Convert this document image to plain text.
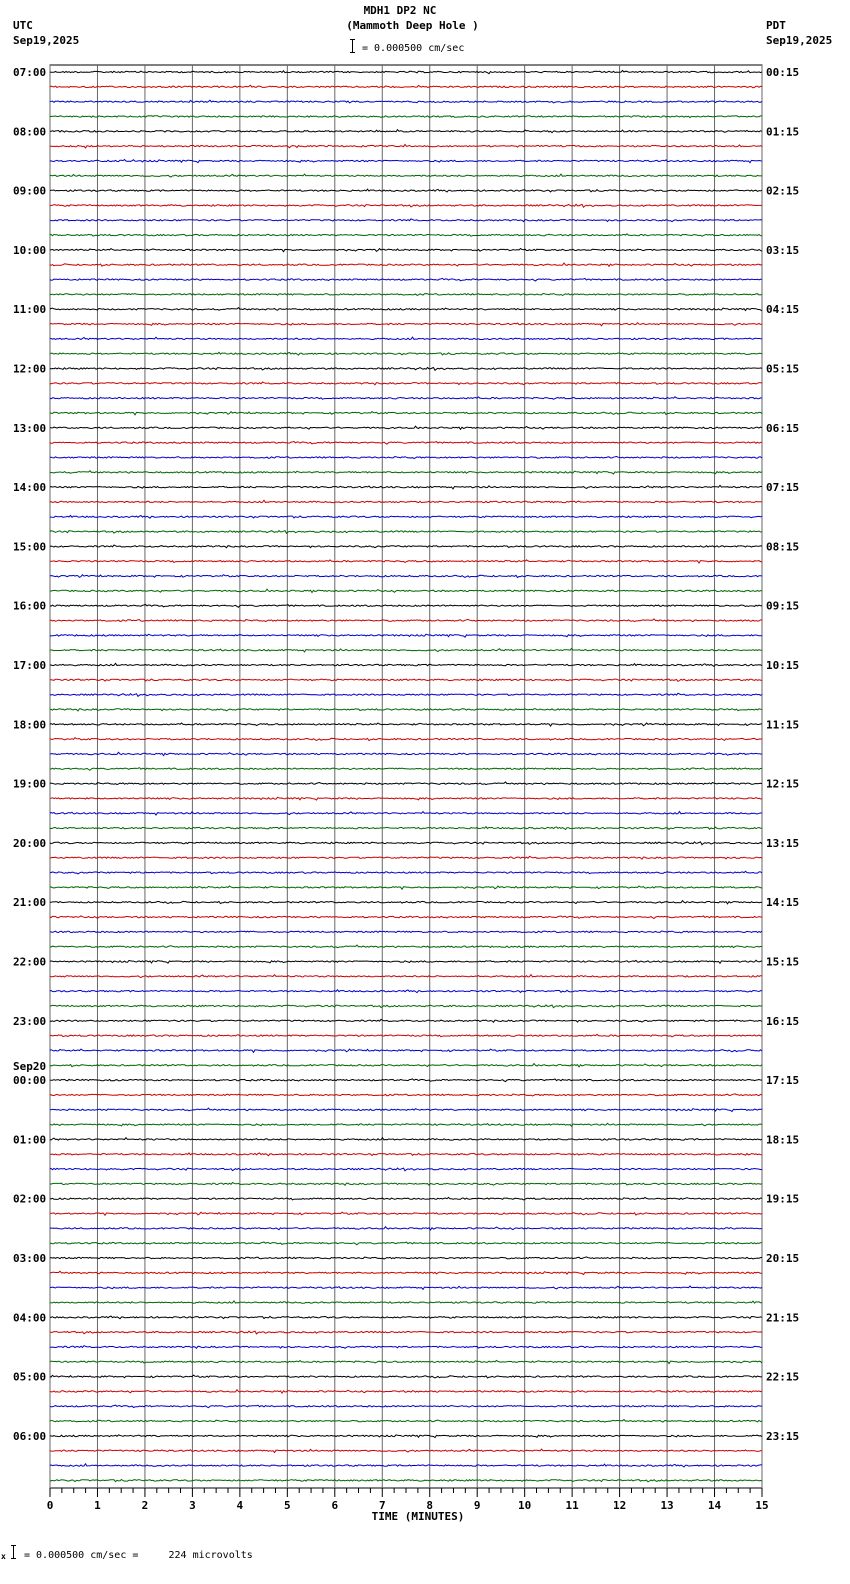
MDH1 DP2 NC
(Mammoth Deep Hole )
UTC
Sep19,2025
PDT
Sep19,2025
= 0.000500 cm/sec
07:00
08:00
09:00
10:00
11:00
12:00
13:00
14:00
15:00
16:00
17:00
18:00
19:00
20:00
21:00
22:00
23:00
00:00
01:00
02:00
03:00
04:00
05:00
06:00
Sep20
00:15
01:15
02:15
03:15
04:15
05:15
06:15
07:15
08:15
09:15
10:15
11:15
12:15
13:15
14:15
15:15
16:15
17:15
18:15
19:15
20:15
21:15
22:15
23:15
0	1	2	3	4	5	6	7	8	9	10	11	12	13	14	15
TIME (MINUTES)
x = 0.000500 cm/sec =     224 microvolts
